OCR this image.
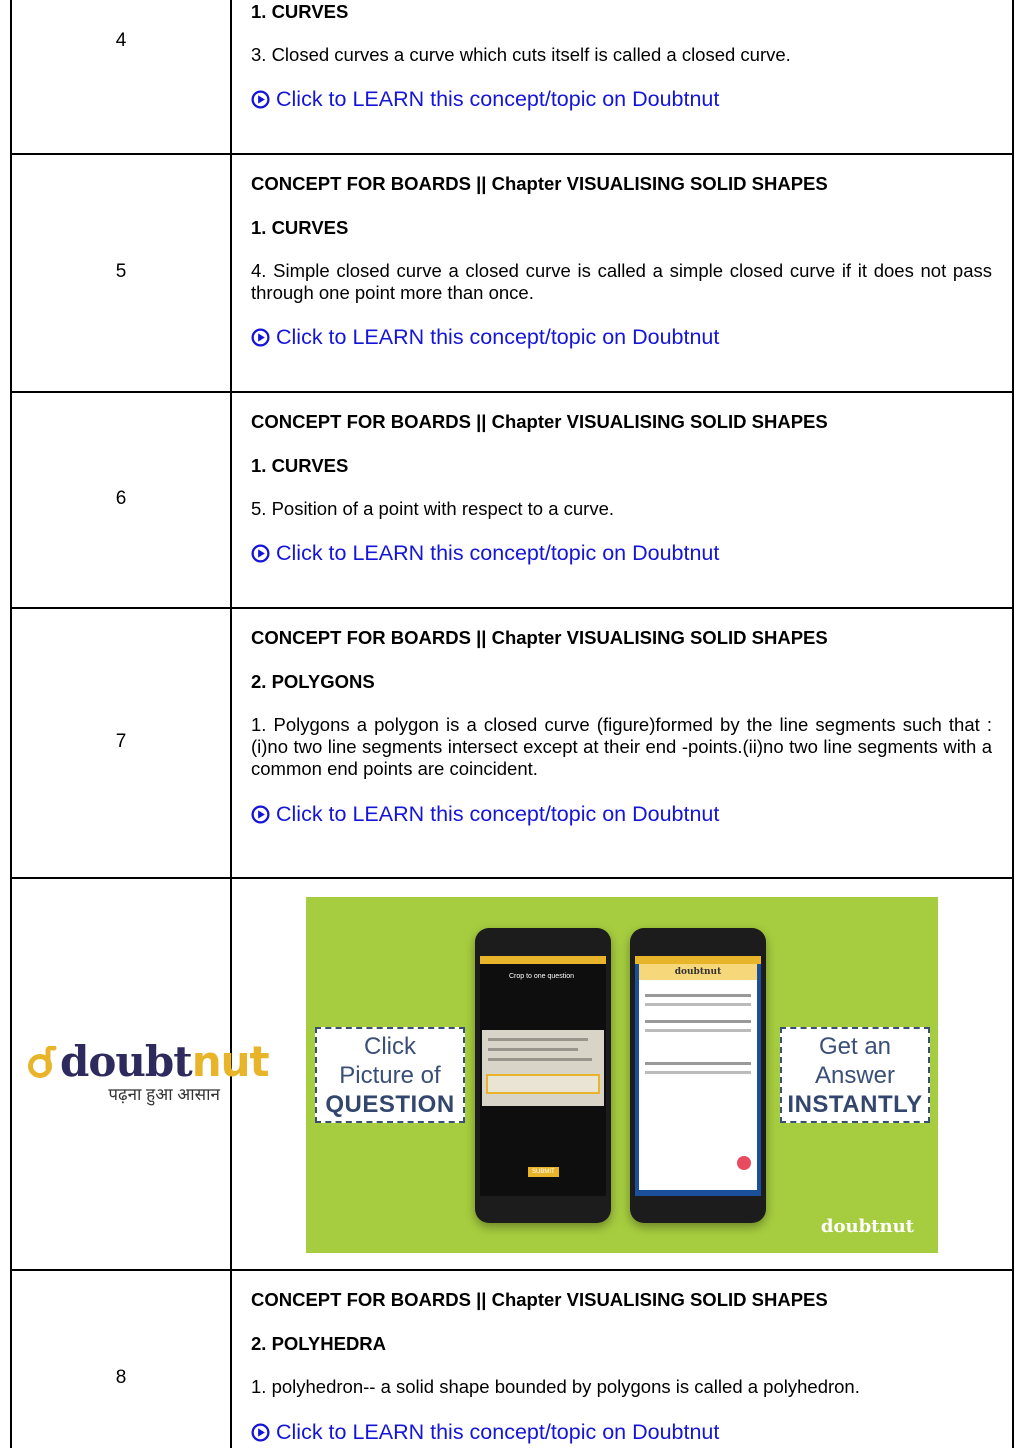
4
1. CURVES
3. Closed curves a curve which cuts itself is called a closed curve.
Click to LEARN this concept/topic on Doubtnut
5
CONCEPT FOR BOARDS || Chapter VISUALISING SOLID SHAPES
1. CURVES
4. Simple closed curve a closed curve is called a simple closed curve if it does not pass through one point more than once.
Click to LEARN this concept/topic on Doubtnut
6
CONCEPT FOR BOARDS || Chapter VISUALISING SOLID SHAPES
1. CURVES
5. Position of a point with respect to a curve.
Click to LEARN this concept/topic on Doubtnut
7
CONCEPT FOR BOARDS || Chapter VISUALISING SOLID SHAPES
2. POLYGONS
1. Polygons a polygon is a closed curve (figure)formed by the line segments such that : (i)no two line segments intersect except at their end -points.(ii)no two line segments with a common end points are coincident.
Click to LEARN this concept/topic on Doubtnut
doubtnut
पढ़ना हुआ आसान
Click
Picture of
QUESTION
Crop to one question
SUBMIT
doubtnut
Get an
Answer
INSTANTLY
doubtnut
8
CONCEPT FOR BOARDS || Chapter VISUALISING SOLID SHAPES
2. POLYHEDRA
1. polyhedron-- a solid shape bounded by polygons is called a polyhedron.
Click to LEARN this concept/topic on Doubtnut
